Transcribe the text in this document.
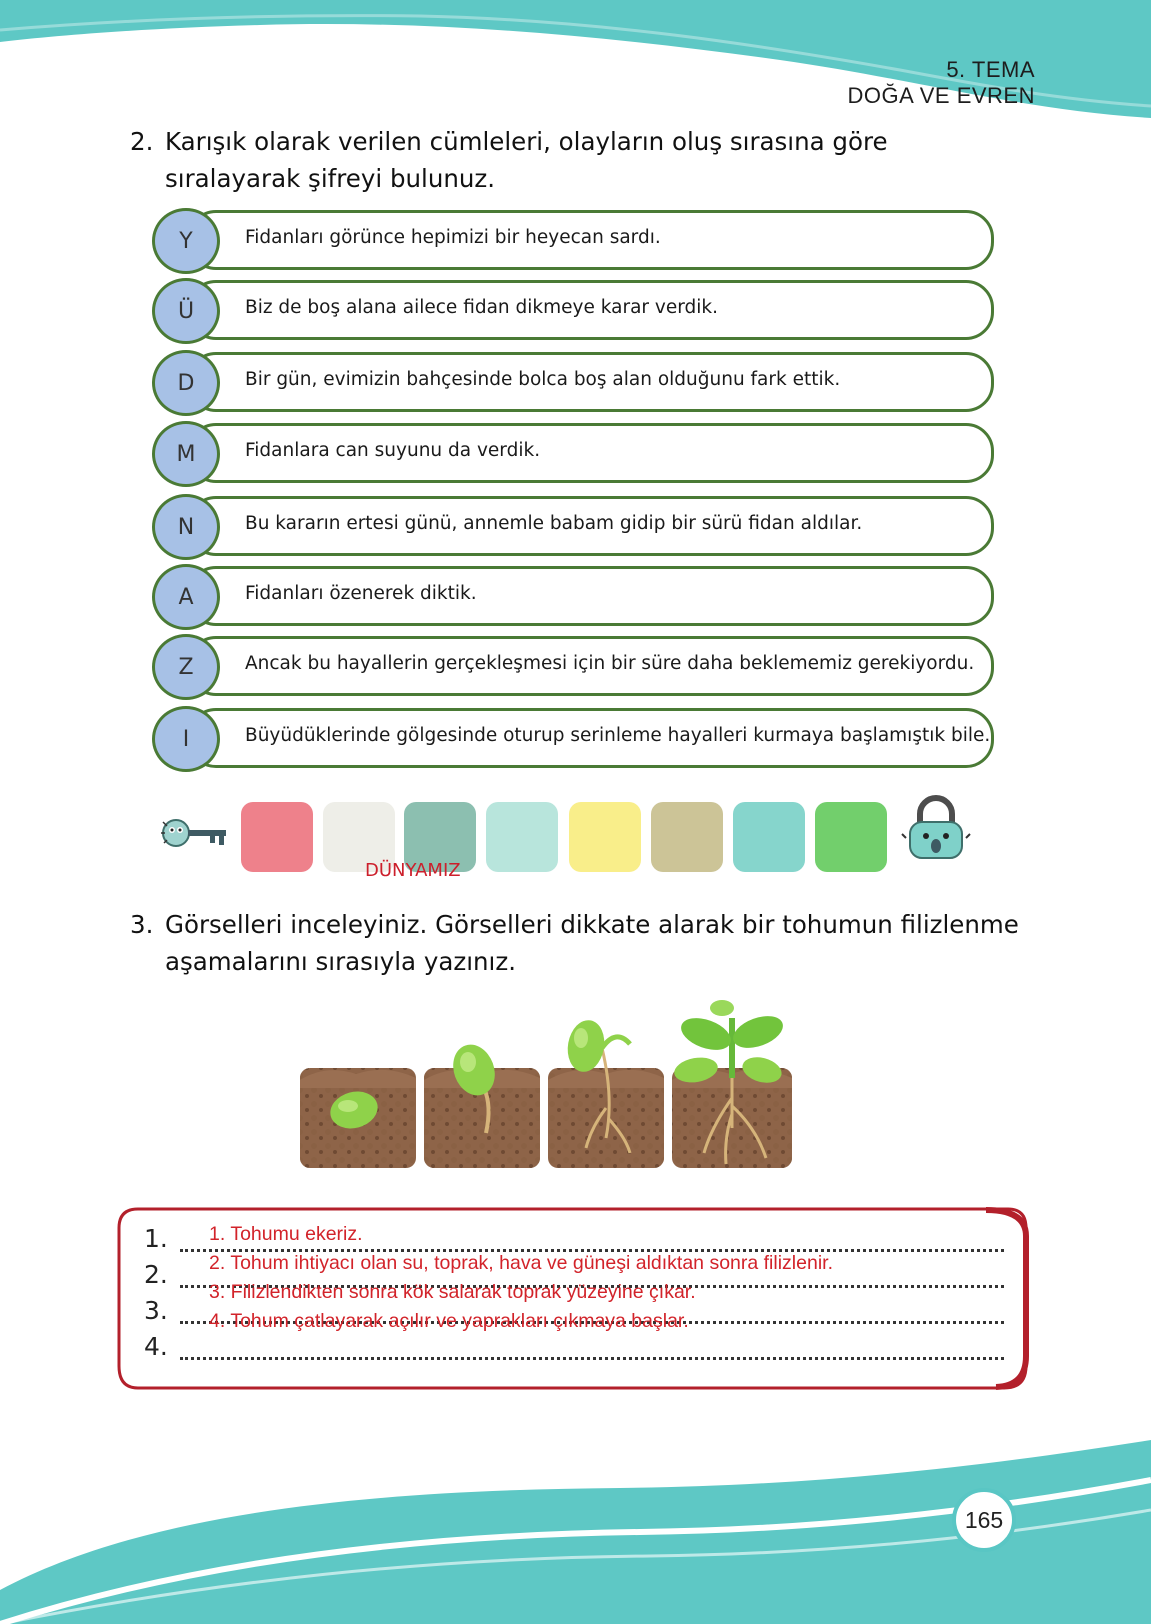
5. TEMA
DOĞA VE EVREN
2. Karışık olarak verilen cümleleri, olayların oluş sırasına göre sıralayarak şifreyi bulunuz.
Y	Fidanları görünce hepimizi bir heyecan sardı.
Ü	Biz de boş alana ailece fidan dikmeye karar verdik.
D	Bir gün, evimizin bahçesinde bolca boş alan olduğunu fark ettik.
M	Fidanlara can suyunu da verdik.
N	Bu kararın ertesi günü, annemle babam gidip bir sürü fidan aldılar.
A	Fidanları özenerek diktik.
Z	Ancak bu hayallerin gerçekleşmesi için bir süre daha beklememiz gerekiyordu.
I	Büyüdüklerinde gölgesinde oturup serinleme hayalleri kurmaya başlamıştık bile.
DÜNYAMIZ
3. Görselleri inceleyiniz. Görselleri dikkate alarak bir tohumun filizlenme aşamalarını sırasıyla yazınız.
1.
2.
3.
4.
1. Tohumu ekeriz.
2. Tohum ihtiyacı olan su, toprak, hava ve güneşi aldıktan sonra filizlenir.
3. Filizlendikten sonra kök salarak toprak yüzeyine çıkar.
4. Tohum çatlayarak açılır ve yaprakları çıkmaya başlar.
165
